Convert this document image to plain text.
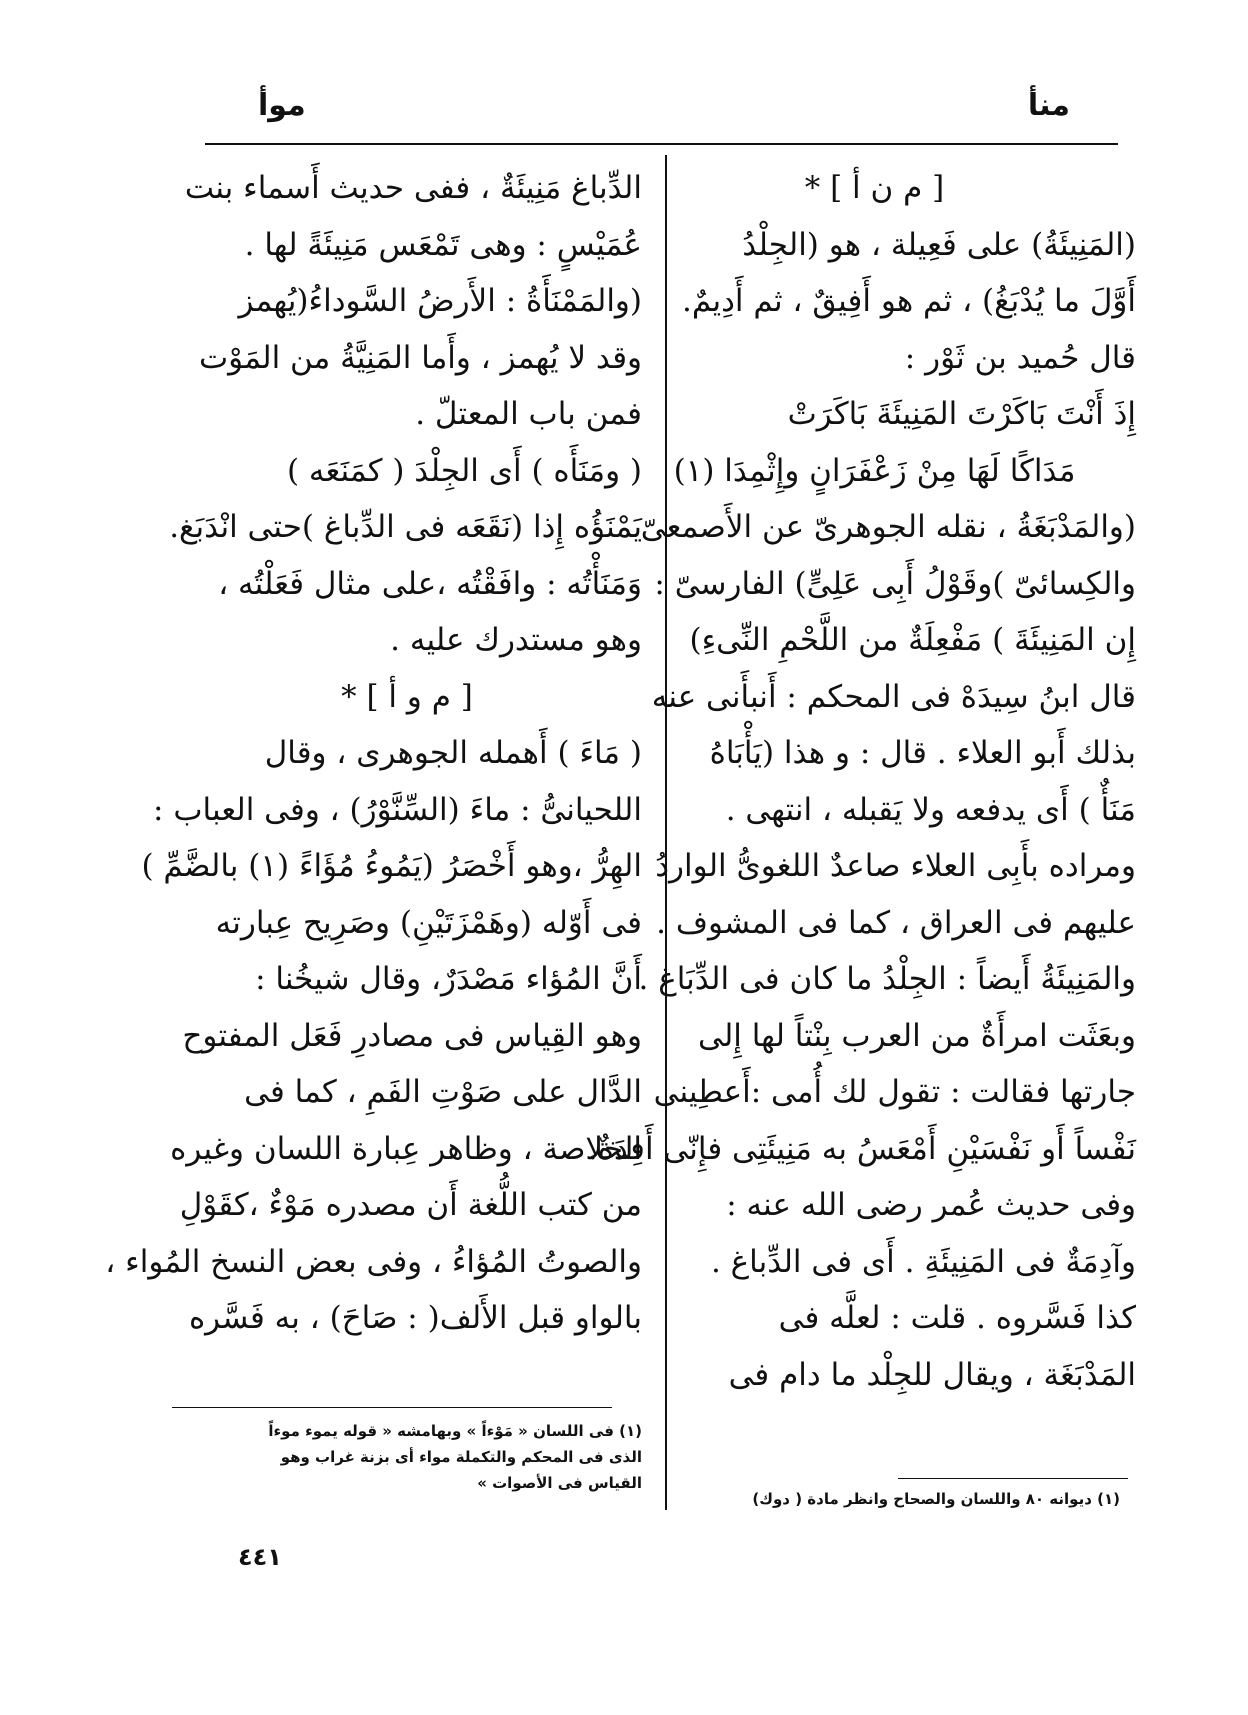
منأ
موأ
[ م ن أ ] *
(المَنِيئَةُ) على فَعِيلة ، هو (الجِلْدُ
أَوَّلَ ما يُدْبَغُ) ، ثم هو أَفِيقٌ ، ثم أَدِيمٌ.
قال حُميد بن ثَوْر :
إِذَ أَنْتَ بَاكَرْتَ المَنِيئَةَ بَاكَرَتْ
مَدَاكًا لَهَا مِنْ زَعْفَرَانٍ وإِثْمِدَا (١)
(والمَدْبَغَةُ ، نقله الجوهرىّ عن الأَصمعىّ
والكِسائىّ )وقَوْلُ أَبِى عَلِىٍّ) الفارسىّ :
إِن المَنِيئَةَ ) مَفْعِلَةٌ من اللَّحْمِ النِّىءِ)
قال ابنُ سِيدَهْ فى المحكم : أَنبأَنى عنه
بذلك أَبو العلاء . قال : و هذا (يَأْبَاهُ
مَنَأٌ ) أَى يدفعه ولا يَقبله ، انتهى .
ومراده بأَبِى العلاء صاعدٌ اللغوىُّ الواردُ
عليهم فى العراق ، كما فى المشوف .
والمَنِيئَةُ أَيضاً : الجِلْدُ ما كان فى الدِّبَاغ .
وبعَثَت امرأَةٌ من العرب بِنْتاً لها إِلى
جارتها فقالت : تقول لك أُمى :أَعطِينى
نَفْساً أَو نَفْسَيْنِ أَمْعَسُ به مَنِيئَتِى فإِنّى أَفِدَةٌ.
وفى حديث عُمر رضى الله عنه :
وآدِمَةٌ فى المَنِيئَةِ . أَى فى الدِّباغ .
كذا فَسَّروه . قلت : لعلَّه فى
المَدْبَغَة ، ويقال للجِلْد ما دام فى
الدِّباغ مَنِيئَةٌ ، ففى حديث أَسماء بنت
عُمَيْسٍ : وهى تَمْعَس مَنِيئَةً لها .
(والمَمْنَأَةُ : الأَرضُ السَّوداءُ(يُهمز
وقد لا يُهمز ، وأَما المَنِيَّةُ من المَوْت
فمن باب المعتلّ .
( ومَنَأَه ) أَى الجِلْدَ ( كمَنَعَه )
يَمْنَؤُه إِذا (نَقَعَه فى الدِّباغ )حتى انْدَبَغ.
وَمَنَأْتُه : وافَقْتُه ،على مثال فَعَلْتُه ،
وهو مستدرك عليه .
[ م و أ ] *
( مَاءَ ) أَهمله الجوهرى ، وقال
اللحيانىُّ : ماءَ (السِّنَّوْرُ) ، وفى العباب :
الهِرُّ ،وهو أَخْصَرُ (يَمُوءُ مُؤَاءً (١) بالضَّمِّ )
فى أَوّله (وهَمْزَتَيْنِ) وصَرِيح عِبارته
أَنَّ المُؤاء مَصْدَرٌ، وقال شيخُنا :
وهو القِياس فى مصادرِ فَعَل المفتوح
الدَّال على صَوْتِ الفَمِ ، كما فى
الخلاصة ، وظاهر عِبارة اللسان وغيره
من كتب اللُّغة أَن مصدره مَوْءٌ ،كقَوْلِ
والصوتُ المُؤاءُ ، وفى بعض النسخ المُواء ،
بالواو قبل الأَلف( : صَاحَ) ، به فَسَّره
(١) فى اللسان « مَوْءاً » وبهامشه « قوله يموء موءاً
الذى فى المحكم والتكملة مواء أى بزنة غراب وهو
القياس فى الأصوات »
(١) ديوانه ٨٠ واللسان والصحاح وانظر مادة ( دوك)
٤٤١
